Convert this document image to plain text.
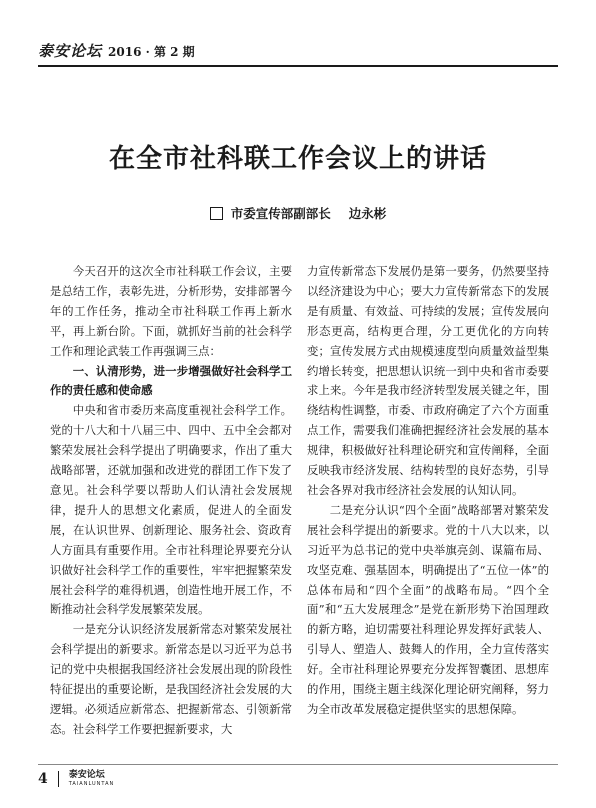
泰安论坛 2016 · 第 2 期
在全市社科联工作会议上的讲话
市委宣传部副部长 边永彬

今天召开的这次全市社科联工作会议，主要是总结工作，表彰先进，分析形势，安排部署今年的工作任务，推动全市社科联工作再上新水平，再上新台阶。下面，就抓好当前的社会科学工作和理论武装工作再强调三点：

一、认清形势，进一步增强做好社会科学工作的责任感和使命感

中央和省市委历来高度重视社会科学工作。党的十八大和十八届三中、四中、五中全会都对繁荣发展社会科学提出了明确要求，作出了重大战略部署，还就加强和改进党的群团工作下发了意见。社会科学要以帮助人们认清社会发展规律，提升人的思想文化素质，促进人的全面发展，在认识世界、创新理论、服务社会、资政育人方面具有重要作用。全市社科理论界要充分认识做好社会科学工作的重要性，牢牢把握繁荣发展社会科学的难得机遇，创造性地开展工作，不断推动社会科学发展繁荣发展。

一是充分认识经济发展新常态对繁荣发展社会科学提出的新要求。新常态是以习近平为总书记的党中央根据我国经济社会发展出现的阶段性特征提出的重要论断，是我国经济社会发展的大逻辑。必须适应新常态、把握新常态、引领新常态。社会科学工作要把握新要求，大

力宣传新常态下发展仍是第一要务，仍然要坚持以经济建设为中心；要大力宣传新常态下的发展是有质量、有效益、可持续的发展；宣传发展向形态更高，结构更合理，分工更优化的方向转变；宣传发展方式由规模速度型向质量效益型集约增长转变，把思想认识统一到中央和省市委要求上来。今年是我市经济转型发展关键之年，围绕结构性调整，市委、市政府确定了六个方面重点工作，需要我们准确把握经济社会发展的基本规律，积极做好社科理论研究和宣传阐释，全面反映我市经济发展、结构转型的良好态势，引导社会各界对我市经济社会发展的认知认同。

二是充分认识“四个全面”战略部署对繁荣发展社会科学提出的新要求。党的十八大以来，以习近平为总书记的党中央举旗亮剑、谋篇布局、攻坚克难、强基固本，明确提出了“五位一体”的总体布局和“四个全面”的战略布局。“四个全面”和“五大发展理念”是党在新形势下治国理政的新方略，迫切需要社科理论界发挥好武装人、引导人、塑造人、鼓舞人的作用，全力宣传落实好。全市社科理论界要充分发挥智囊团、思想库的作用，围绕主题主线深化理论研究阐释，努力为全市改革发展稳定提供坚实的思想保障。

4 泰安论坛
TAIANLUNTAN
